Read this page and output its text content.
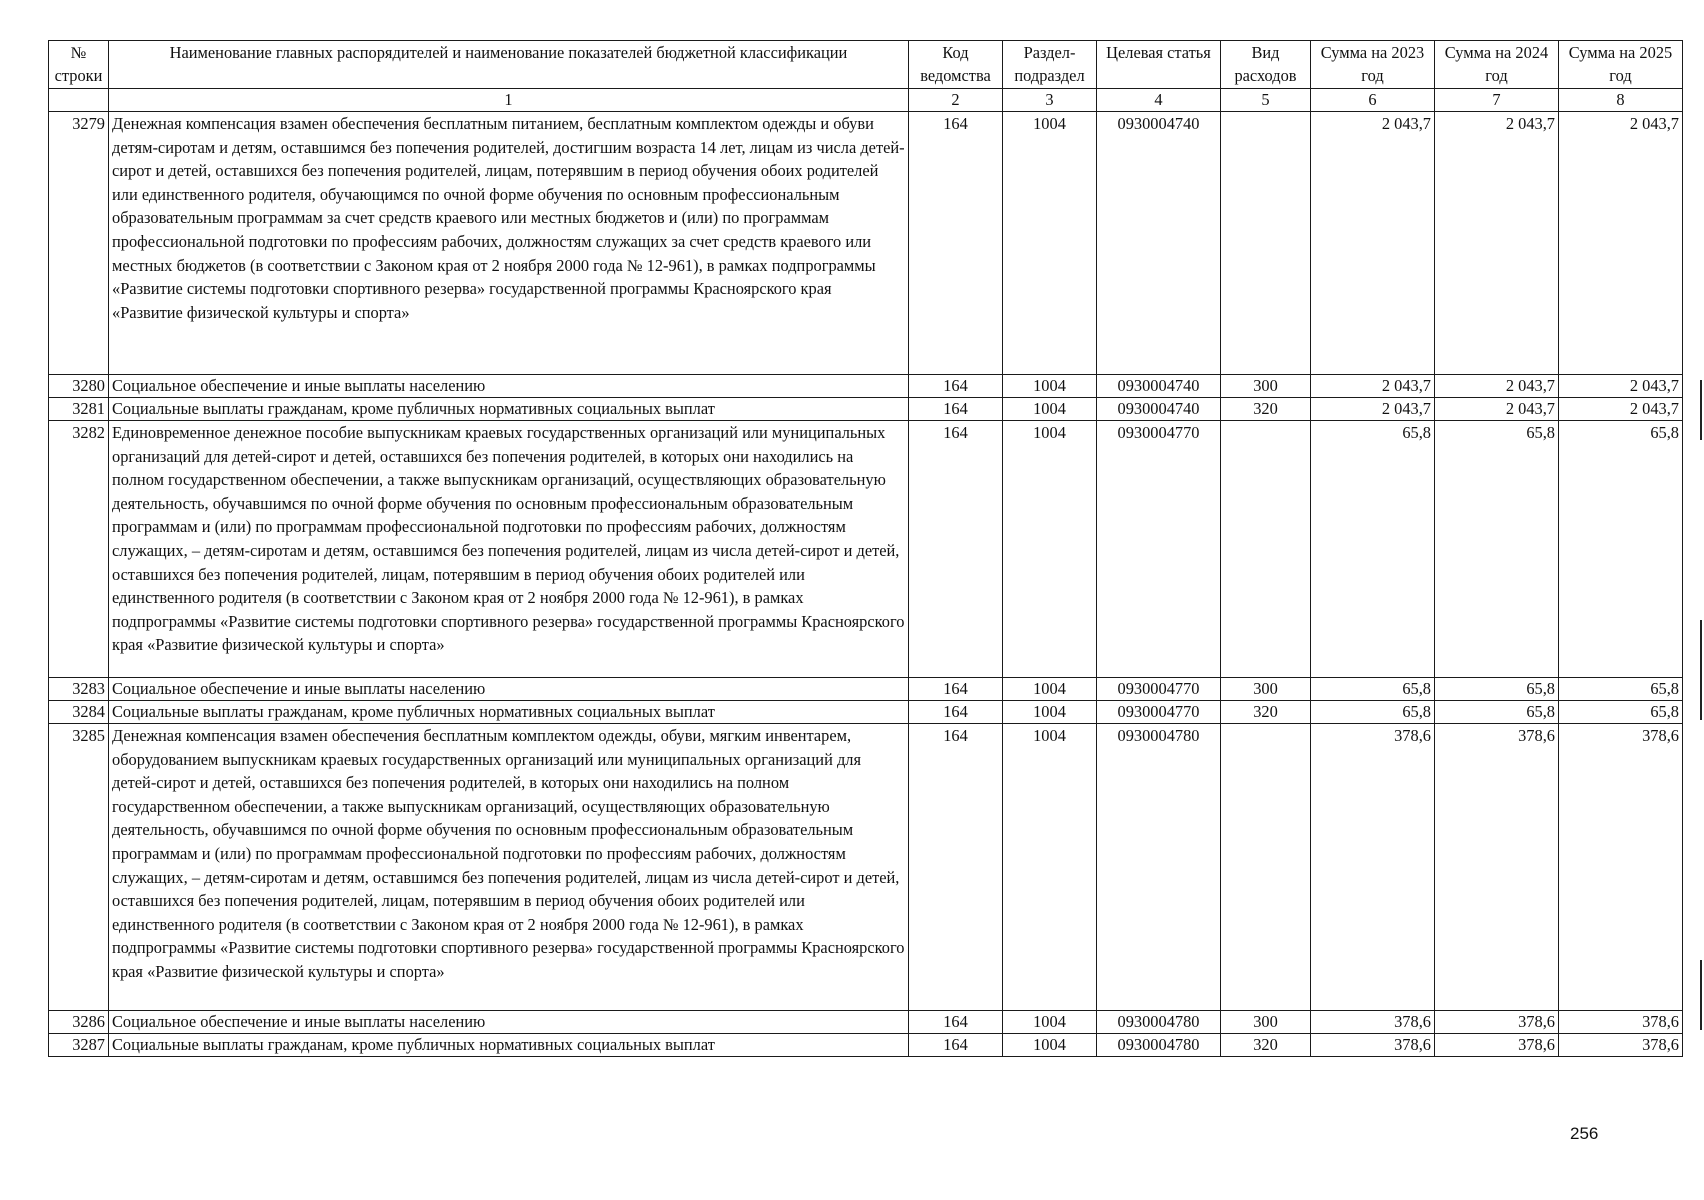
№ строки	Наименование главных распорядителей и наименование показателей бюджетной классификации	Код ведомства	Раздел-подраздел	Целевая статья	Вид расходов	Сумма на 2023 год	Сумма на 2024 год	Сумма на 2025 год
	1	2	3	4	5	6	7	8
3279	Денежная компенсация взамен обеспечения бесплатным питанием, бесплатным комплектом одежды и обуви детям-сиротам и детям, оставшимся без попечения родителей, достигшим возраста 14 лет, лицам из числа детей-сирот и детей, оставшихся без попечения родителей, лицам, потерявшим в период обучения обоих родителей или единственного родителя, обучающимся по очной форме обучения по основным профессиональным образовательным программам за счет средств краевого или местных бюджетов и (или) по программам профессиональной подготовки по профессиям рабочих, должностям служащих за счет средств краевого или местных бюджетов (в соответствии с Законом края от 2 ноября 2000 года № 12-961), в рамках подпрограммы «Развитие системы подготовки спортивного резерва» государственной программы Красноярского края «Развитие физической культуры и спорта»	164	1004	0930004740		2 043,7	2 043,7	2 043,7
3280	Социальное обеспечение и иные выплаты населению	164	1004	0930004740	300	2 043,7	2 043,7	2 043,7
3281	Социальные выплаты гражданам, кроме публичных нормативных социальных выплат	164	1004	0930004740	320	2 043,7	2 043,7	2 043,7
3282	Единовременное денежное пособие выпускникам краевых государственных организаций или муниципальных организаций для детей-сирот и детей, оставшихся без попечения родителей, в которых они находились на полном государственном обеспечении, а также выпускникам организаций, осуществляющих образовательную деятельность, обучавшимся по очной форме обучения по основным профессиональным образовательным программам и (или) по программам профессиональной подготовки по профессиям рабочих, должностям служащих, – детям-сиротам и детям, оставшимся без попечения родителей, лицам из числа детей-сирот и детей, оставшихся без попечения родителей, лицам, потерявшим в период обучения обоих родителей или единственного родителя (в соответствии с Законом края от 2 ноября 2000 года № 12-961), в рамках подпрограммы «Развитие системы подготовки спортивного резерва» государственной программы Красноярского края «Развитие физической культуры и спорта»	164	1004	0930004770		65,8	65,8	65,8
3283	Социальное обеспечение и иные выплаты населению	164	1004	0930004770	300	65,8	65,8	65,8
3284	Социальные выплаты гражданам, кроме публичных нормативных социальных выплат	164	1004	0930004770	320	65,8	65,8	65,8
3285	Денежная компенсация взамен обеспечения бесплатным комплектом одежды, обуви, мягким инвентарем, оборудованием выпускникам краевых государственных организаций или муниципальных организаций для детей-сирот и детей, оставшихся без попечения родителей, в которых они находились на полном государственном обеспечении, а также выпускникам организаций, осуществляющих образовательную деятельность, обучавшимся по очной форме обучения по основным профессиональным образовательным программам и (или) по программам профессиональной подготовки по профессиям рабочих, должностям служащих, – детям-сиротам и детям, оставшимся без попечения родителей, лицам из числа детей-сирот и детей, оставшихся без попечения родителей, лицам, потерявшим в период обучения обоих родителей или единственного родителя (в соответствии с Законом края от 2 ноября 2000 года № 12-961), в рамках подпрограммы «Развитие системы подготовки спортивного резерва» государственной программы Красноярского края «Развитие физической культуры и спорта»	164	1004	0930004780		378,6	378,6	378,6
3286	Социальное обеспечение и иные выплаты населению	164	1004	0930004780	300	378,6	378,6	378,6
3287	Социальные выплаты гражданам, кроме публичных нормативных социальных выплат	164	1004	0930004780	320	378,6	378,6	378,6
256
